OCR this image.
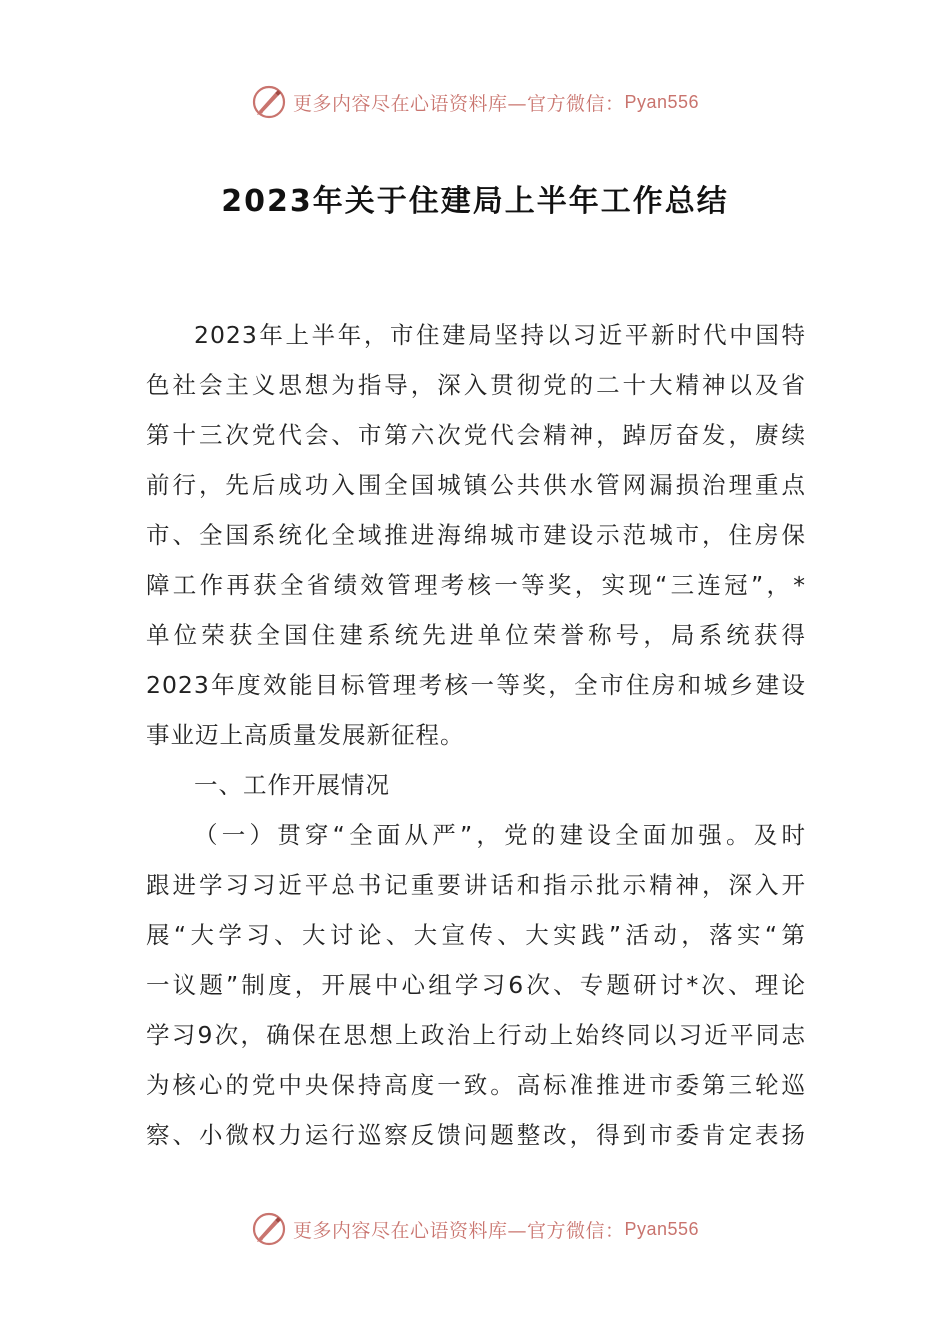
更多内容尽在心语资料库—官方微信： Pyan556
2023年关于住建局上半年工作总结
2023年上半年，市住建局坚持以习近平新时代中国特
色社会主义思想为指导，深入贯彻党的二十大精神以及省
第十三次党代会、市第六次党代会精神，踔厉奋发，赓续
前行，先后成功入围全国城镇公共供水管网漏损治理重点
市、全国系统化全域推进海绵城市建设示范城市，住房保
障工作再获全省绩效管理考核一等奖，实现“三连冠”，*
单位荣获全国住建系统先进单位荣誉称号，局系统获得
2023年度效能目标管理考核一等奖，全市住房和城乡建设
事业迈上高质量发展新征程。
一、工作开展情况
（一）贯穿“全面从严”，党的建设全面加强。及时
跟进学习习近平总书记重要讲话和指示批示精神，深入开
展“大学习、大讨论、大宣传、大实践”活动，落实“第
一议题”制度，开展中心组学习6次、专题研讨*次、理论
学习9次，确保在思想上政治上行动上始终同以习近平同志
为核心的党中央保持高度一致。高标准推进市委第三轮巡
察、小微权力运行巡察反馈问题整改，得到市委肯定表扬
更多内容尽在心语资料库—官方微信： Pyan556
